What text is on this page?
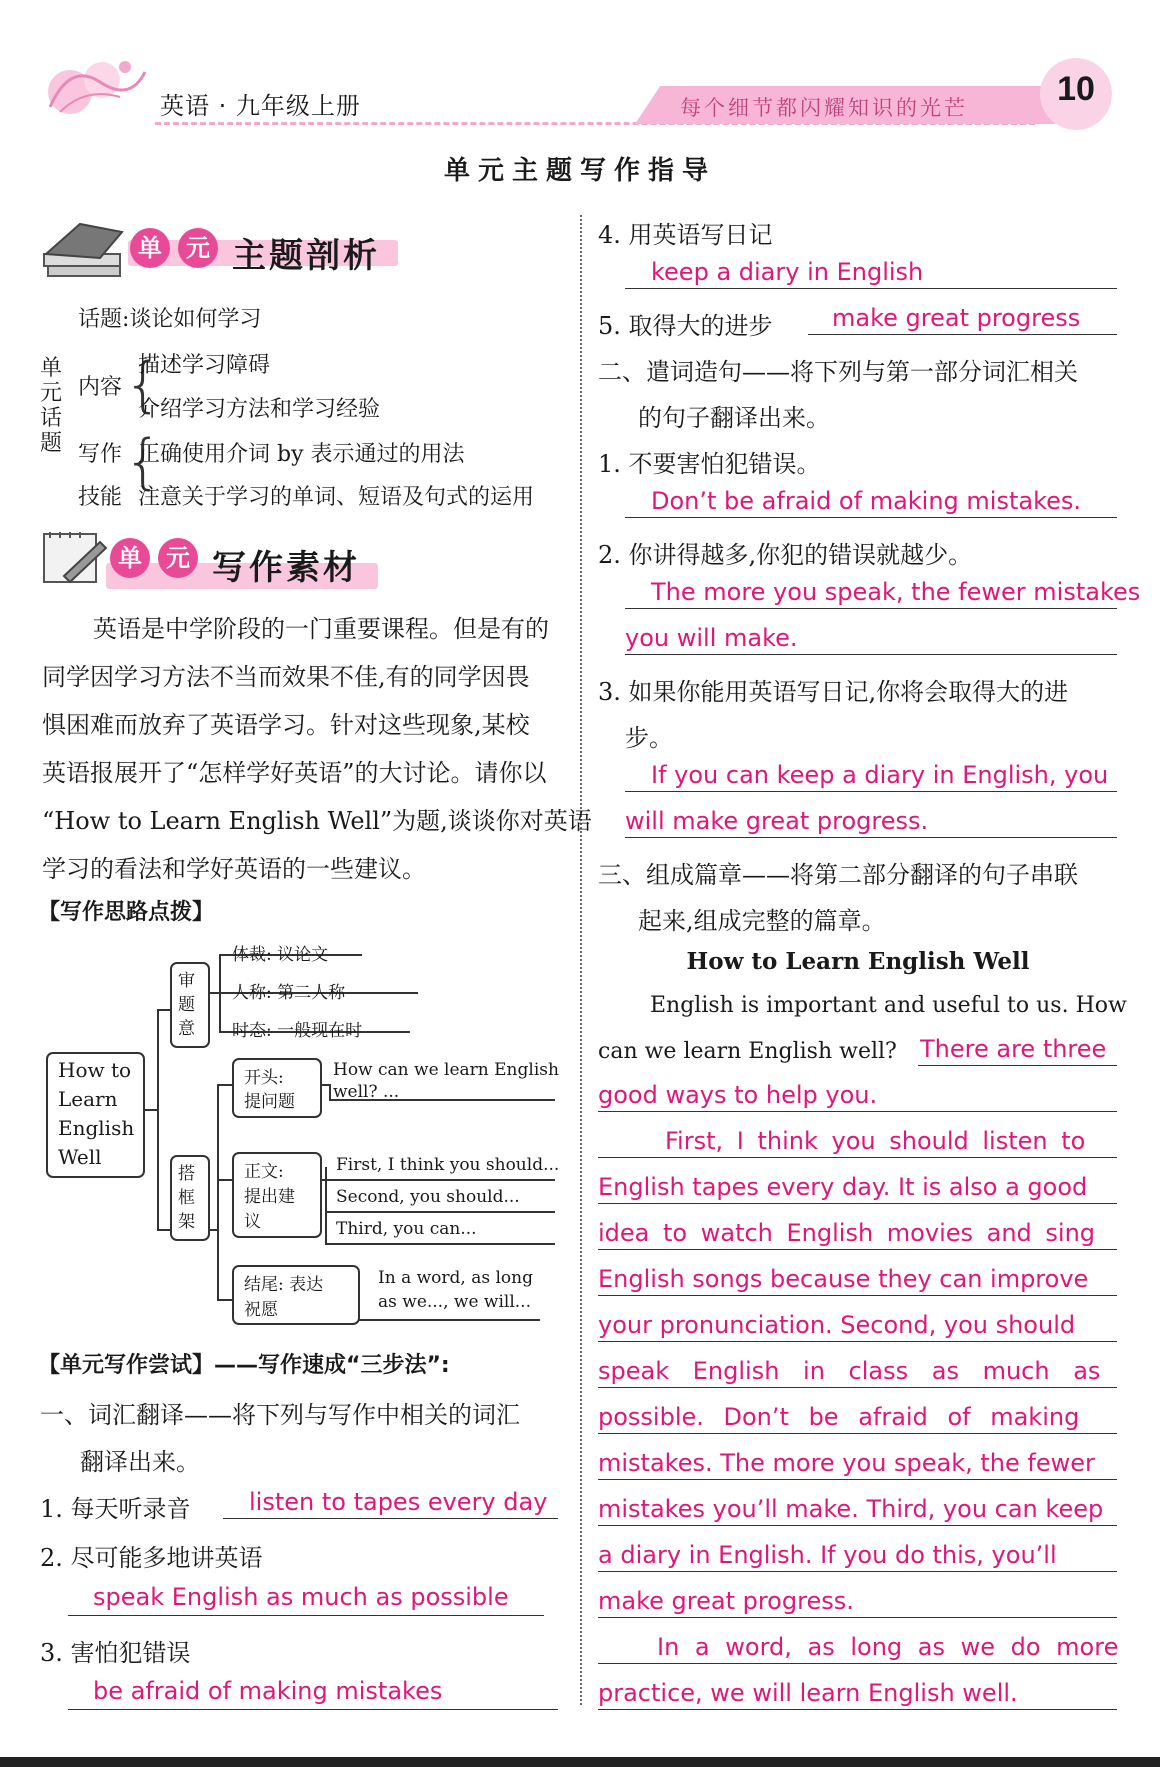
英语 · 九年级上册	每个细节都闪耀知识的光芒	10
单元主题写作指导
单	元 主题剖析
话题:谈论如何学习
单元话题
内容 {
描述学习障碍
介绍学习方法和学习经验
写作
技能
{
正确使用介词 by 表示通过的用法
注意关于学习的单词、短语及句式的运用
单	元 写作素材
英语是中学阶段的一门重要课程。但是有的
同学因学习方法不当而效果不佳,有的同学因畏
惧困难而放弃了英语学习。针对这些现象,某校
英语报展开了“怎样学好英语”的大讨论。请你以
“How to Learn English Well”为题,谈谈你对英语
学习的看法和学好英语的一些建议。
【写作思路点拨】
How to
Learn
English
Well
审
题
意
体裁: 议论文
人称: 第二人称
时态: 一般现在时
搭
框
架
开头:
提问题
How can we learn English
well? ...
正文:
提出建
议
First, I think you should...
Second, you should...
Third, you can...
结尾: 表达
祝愿
In a word, as long
as we..., we will...
【单元写作尝试】——写作速成“三步法”:
一、词汇翻译——将下列与写作中相关的词汇
翻译出来。
1. 每天听录音 listen to tapes every day
2. 尽可能多地讲英语
speak English as much as possible
3. 害怕犯错误
be afraid of making mistakes
4. 用英语写日记
keep a diary in English
5. 取得大的进步 make great progress
二、遣词造句——将下列与第一部分词汇相关
的句子翻译出来。
1. 不要害怕犯错误。
Don’t be afraid of making mistakes.
2. 你讲得越多,你犯的错误就越少。
The more you speak, the fewer mistakes
you will make.
3. 如果你能用英语写日记,你将会取得大的进
步。
If you can keep a diary in English, you
will make great progress.
三、组成篇章——将第二部分翻译的句子串联
起来,组成完整的篇章。
How to Learn English Well
English is important and useful to us. How
can we learn English well? There are three
good ways to help you.
First, I think you should listen to
English tapes every day. It is also a good
idea to watch English movies and sing
English songs because they can improve
your pronunciation. Second, you should
speak English in class as much as
possible. Don’t be afraid of making
mistakes. The more you speak, the fewer
mistakes you’ll make. Third, you can keep
a diary in English. If you do this, you’ll
make great progress.
In a word, as long as we do more
practice, we will learn English well.
